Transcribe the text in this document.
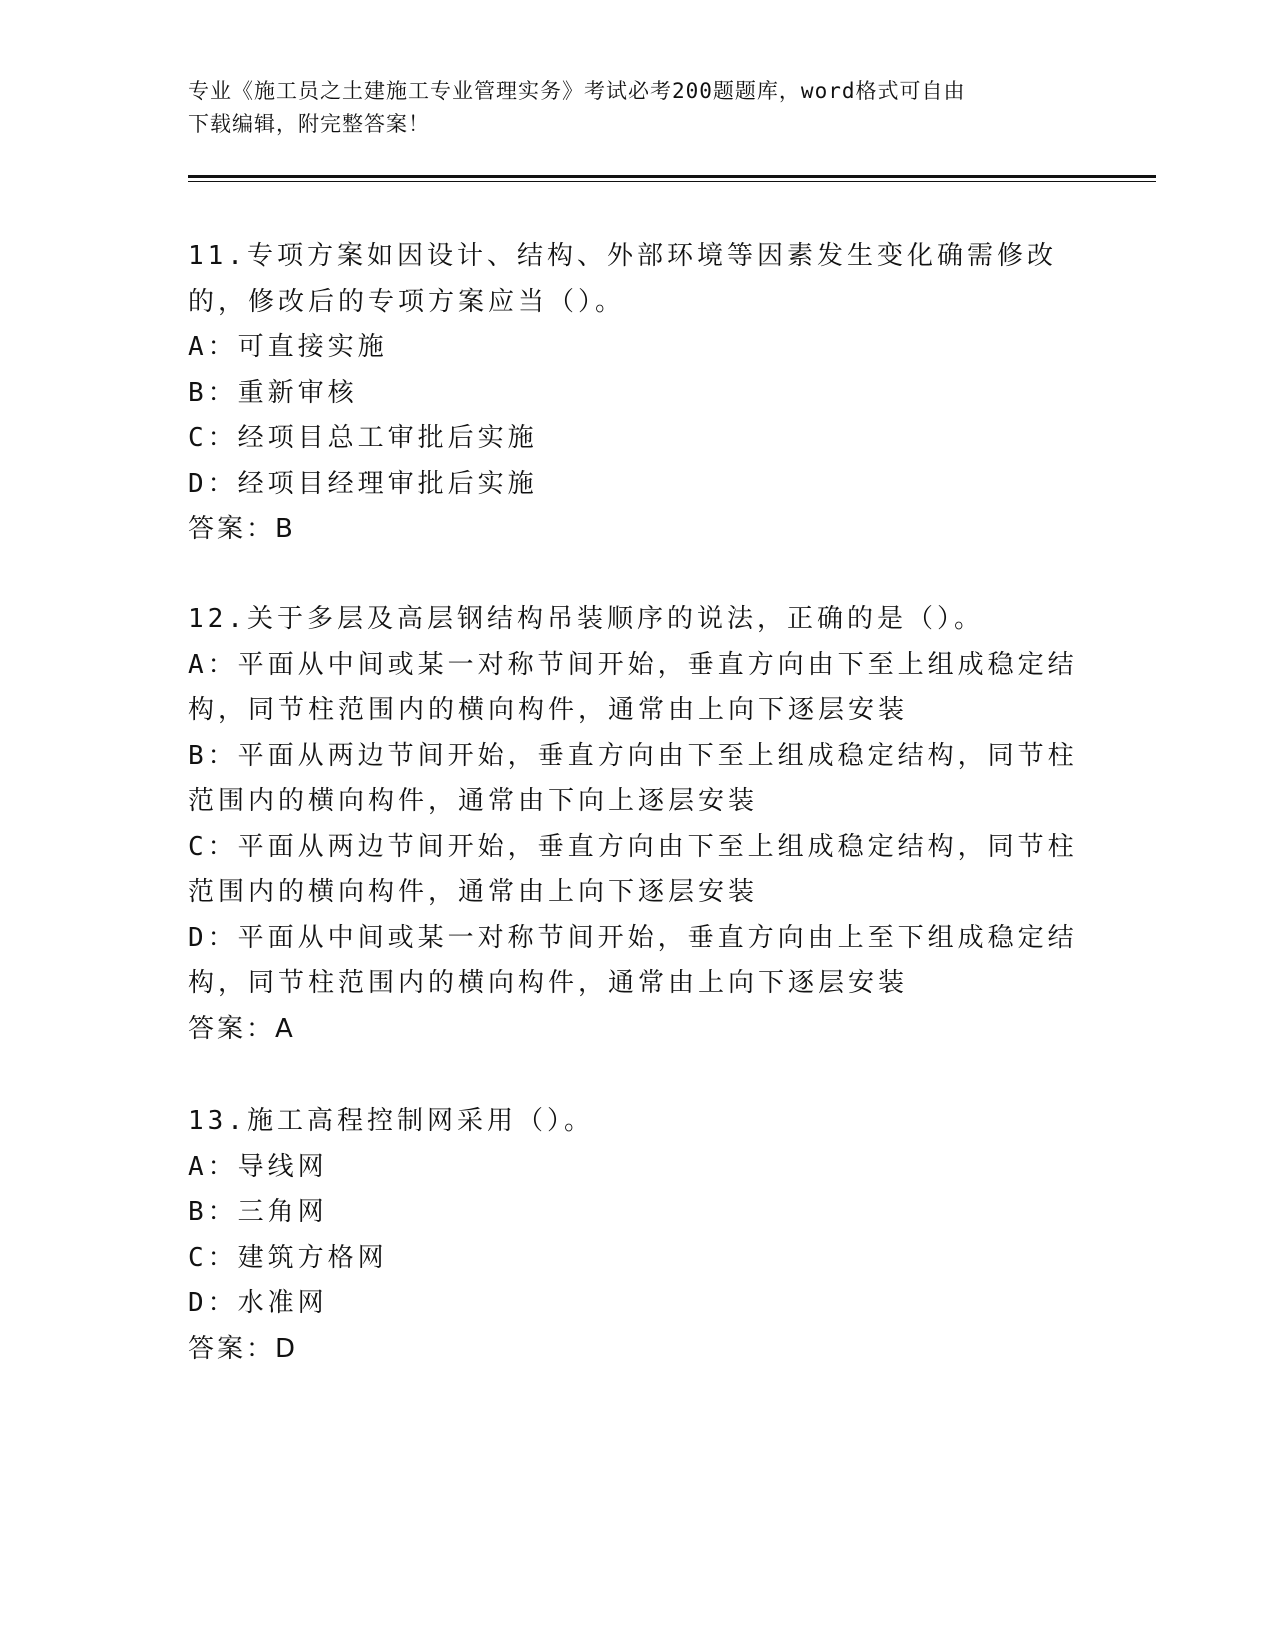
专业《施工员之土建施工专业管理实务》考试必考200题题库，word格式可自由
下载编辑，附完整答案！

11.专项方案如因设计、结构、外部环境等因素发生变化确需修改的，修改后的专项方案应当（）。

A：可直接实施

B：重新审核

C：经项目总工审批后实施

D：经项目经理审批后实施

答案：B

12.关于多层及高层钢结构吊装顺序的说法，正确的是（）。

A：平面从中间或某一对称节间开始，垂直方向由下至上组成稳定结构，同节柱范围内的横向构件，通常由上向下逐层安装

B：平面从两边节间开始，垂直方向由下至上组成稳定结构，同节柱范围内的横向构件，通常由下向上逐层安装

C：平面从两边节间开始，垂直方向由下至上组成稳定结构，同节柱范围内的横向构件，通常由上向下逐层安装

D：平面从中间或某一对称节间开始，垂直方向由上至下组成稳定结构，同节柱范围内的横向构件，通常由上向下逐层安装

答案：A

13.施工高程控制网采用（）。

A：导线网

B：三角网

C：建筑方格网

D：水准网

答案：D
